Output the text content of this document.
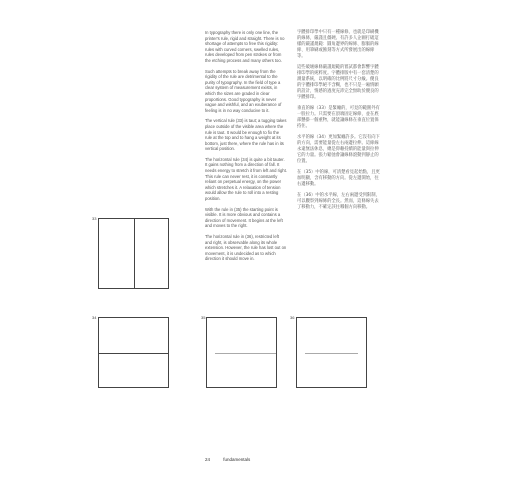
In typography there is only one line, the printer's rule, rigid and straight. There is no shortage of attempts to free this rigidity: rules with curved corners, swelled rules, rules developed from pen strokes or from the etching process and many others too.

Such attempts to break away from the rigidity of the rule are detrimental to the purity of typography. In the field of type a clear system of measurement exists, in which the sizes are graded in clear proportions. Good typography is never vague and wishful, and an exuberance of feeling is in no way conducive to it.

The vertical rule (33) is taut; a tugging takes place outside of the visible area where the rule is taut. It would be enough to fix the rule at the top and to hang a weight at its bottom, just there, where the rule has in its vertical position.

The horizontal rule (34) is quite a bit tauter. It gains nothing from a direction of fall. It needs energy to stretch it from left and right. This rule can never rest, it is constantly reliant on perpetual energy, on the power which stretches it. A relaxation of tension would allow the rule to roll into a resting position.

With the rule in (35) the starting point is visible. It is more obvious and contains a direction of movement. It begins at the left and moves to the right.

The horizontal rule in (36), restricted left and right, is observable along its whole extension. However, the rule has lost out on movement, it is undecided as to which direction it should move in.

字體排印學中只有一種線條，也就是印刷機的線條，嚴謹且僵硬。有許多人企圖打破這樣的嚴謹規範：圓角邊界的線條、膨脹的線條、用筆刷或蝕刻等方式所發展出的線條等。

這些破壞線條嚴謹規範的嘗試都會影響字體排印學的純粹度。字體排版中有一套清楚的測量系統，以明確的比例將尺寸分級。優良的字體排印學絕不含糊，也不只是一廂情願的設計，情感的過度充沛完全無助於優良的字體排印。

垂直的線（33）是緊繃的，可見的範圍外有一股拉力。只需要在頂端固定線條，並在底部懸掛一個重物，就能讓線條在垂直位置保持住。

水平的線（34）更加緊繃許多。它沒有向下的方向，需要能量從左右兩邊拉伸。這條線永遠無法休息，總是仰賴持續的能量與拉伸它的力量。張力鬆弛會讓線條滾動到靜止的位置。

在（35）中的線，可清楚看見起始點，且更加明顯，含有移動的方向。從左邊開始，往右邊移動。

在（36）中的水平線，左右兩邊受到限制，可以觀察到線條的全長。然而，這條線失去了移動力，不確定該往哪個方向移動。

33
34	35	36
24	fundamentals
